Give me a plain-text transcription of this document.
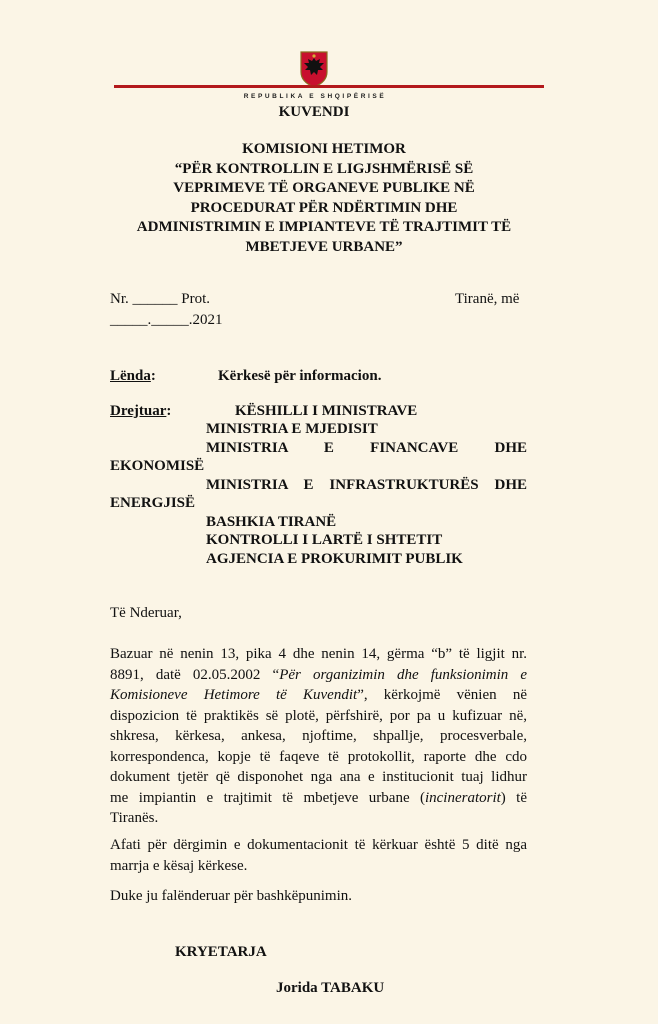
REPUBLIKA E SHQIPËRISË
KUVENDI
KOMISIONI HETIMOR
“PËR KONTROLLIN E LIGJSHMËRISË SË
VEPRIMEVE TË ORGANEVE PUBLIKE NË
PROCEDURAT PËR NDËRTIMIN DHE
ADMINISTRIMIN E IMPIANTEVE TË TRAJTIMIT TË
MBETJEVE URBANE”
Nr. ______ Prot.	Tiranë, më
_____._____.2021
Lënda:	Kërkesë për informacion.
Drejtuar:	KËSHILLI I MINISTRAVE
MINISTRIA E MJEDISIT
MINISTRIA E FINANCAVE DHE
EKONOMISË
MINISTRIA E INFRASTRUKTURËS DHE
ENERGJISË
BASHKIA TIRANË
KONTROLLI I LARTË I SHTETIT
AGJENCIA E PROKURIMIT PUBLIK
Të Nderuar,
Bazuar në nenin 13, pika 4 dhe nenin 14, gërma “b” të ligjit nr.
8891, datë 02.05.2002 “Për organizimin dhe funksionimin e
Komisioneve Hetimore të Kuvendit”, kërkojmë vënien në
dispozicion të praktikës së plotë, përfshirë, por pa u kufizuar në,
shkresa, kërkesa, ankesa, njoftime, shpallje, procesverbale,
korrespondenca, kopje të faqeve të protokollit, raporte dhe cdo
dokument tjetër që disponohet nga ana e institucionit tuaj lidhur
me impiantin e trajtimit të mbetjeve urbane (incineratorit) të
Tiranës.
Afati për dërgimin e dokumentacionit të kërkuar është 5 ditë nga
marrja e kësaj kërkese.
Duke ju falënderuar për bashkëpunimin.
KRYETARJA
Jorida TABAKU
